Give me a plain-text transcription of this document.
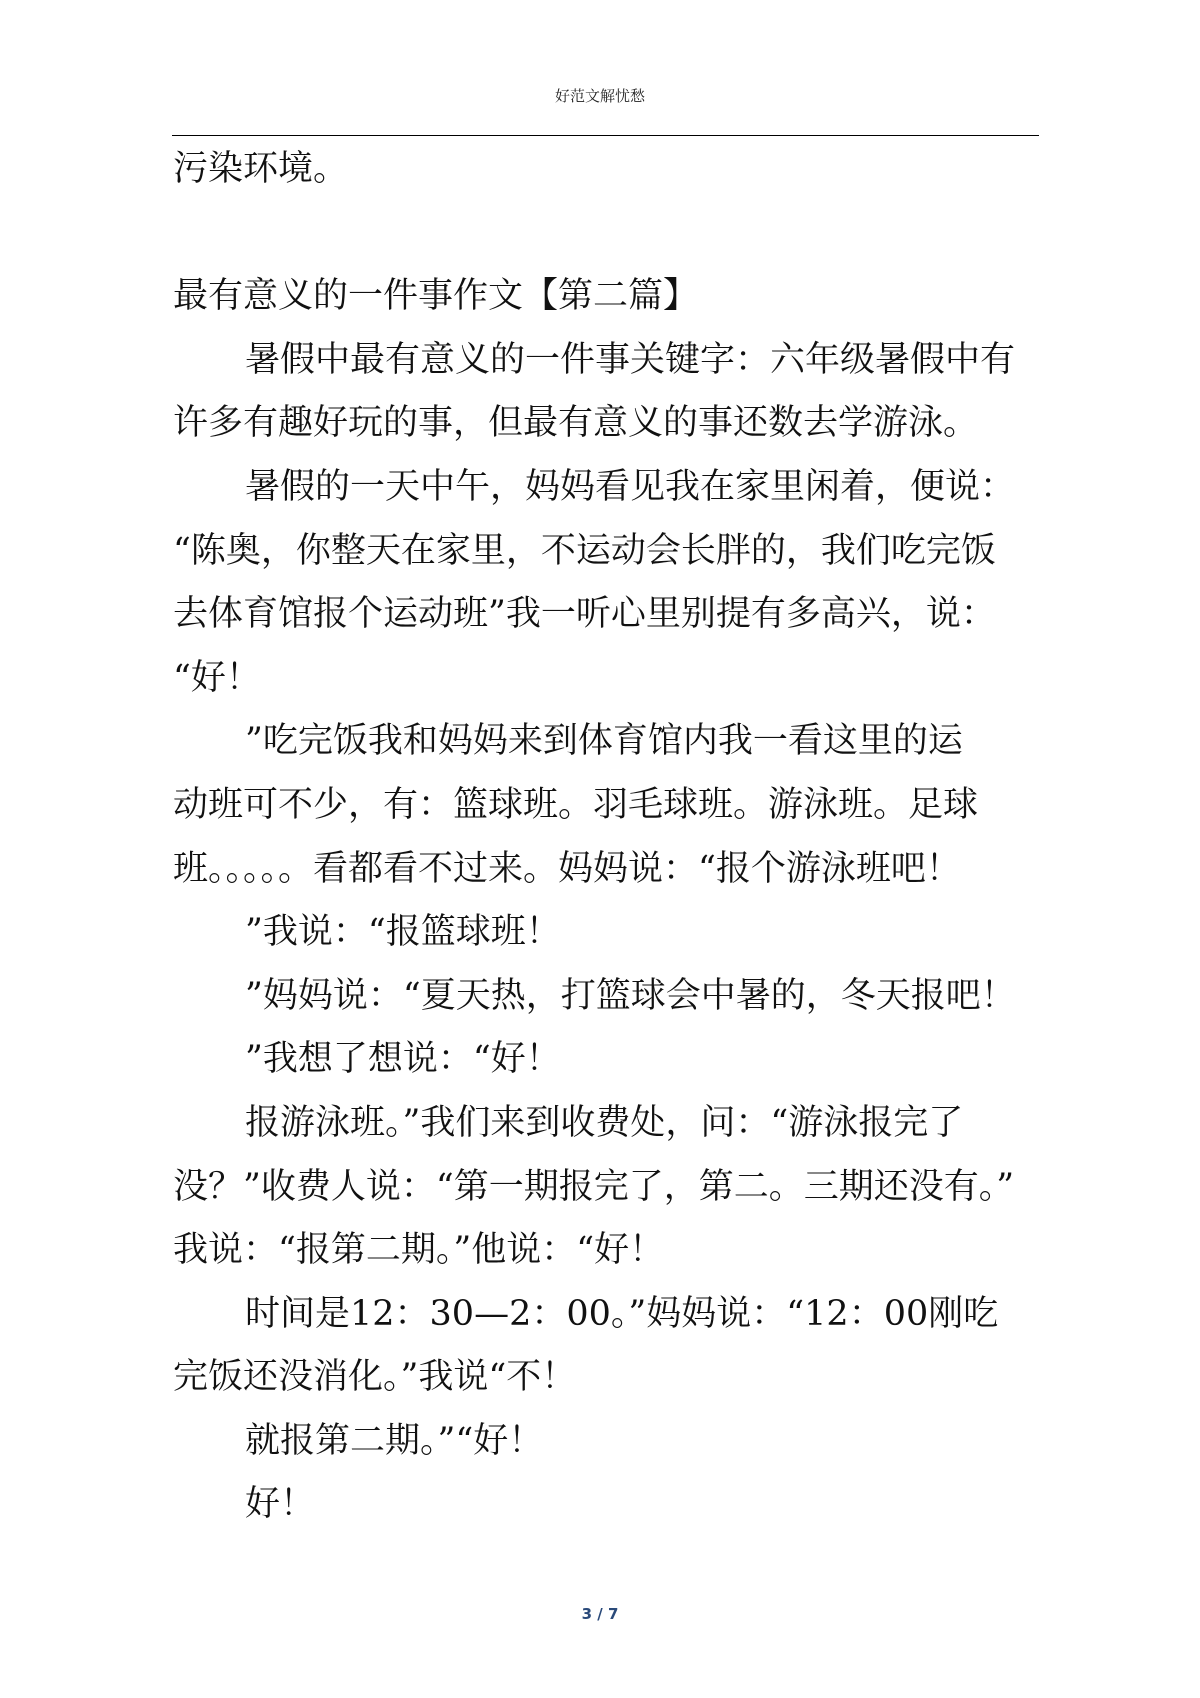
好范文解忧愁
污染环境。
最有意义的一件事作文【第二篇】
暑假中最有意义的一件事关键字：六年级暑假中有
许多有趣好玩的事，但最有意义的事还数去学游泳。
暑假的一天中午，妈妈看见我在家里闲着，便说：
“陈奥，你整天在家里，不运动会长胖的，我们吃完饭
去体育馆报个运动班”我一听心里别提有多高兴，说：
“好！
”吃完饭我和妈妈来到体育馆内我一看这里的运
动班可不少，有：篮球班。羽毛球班。游泳班。足球
班。。。。。看都看不过来。妈妈说：“报个游泳班吧！
”我说：“报篮球班！
”妈妈说：“夏天热，打篮球会中暑的，冬天报吧！
”我想了想说：“好！
报游泳班。”我们来到收费处，问：“游泳报完了
没？”收费人说：“第一期报完了，第二。三期还没有。”
我说：“报第二期。”他说：“好！
时间是12：30—2：00。”妈妈说：“12：00刚吃
完饭还没消化。”我说“不！
就报第二期。”“好！
好！
3 / 7
